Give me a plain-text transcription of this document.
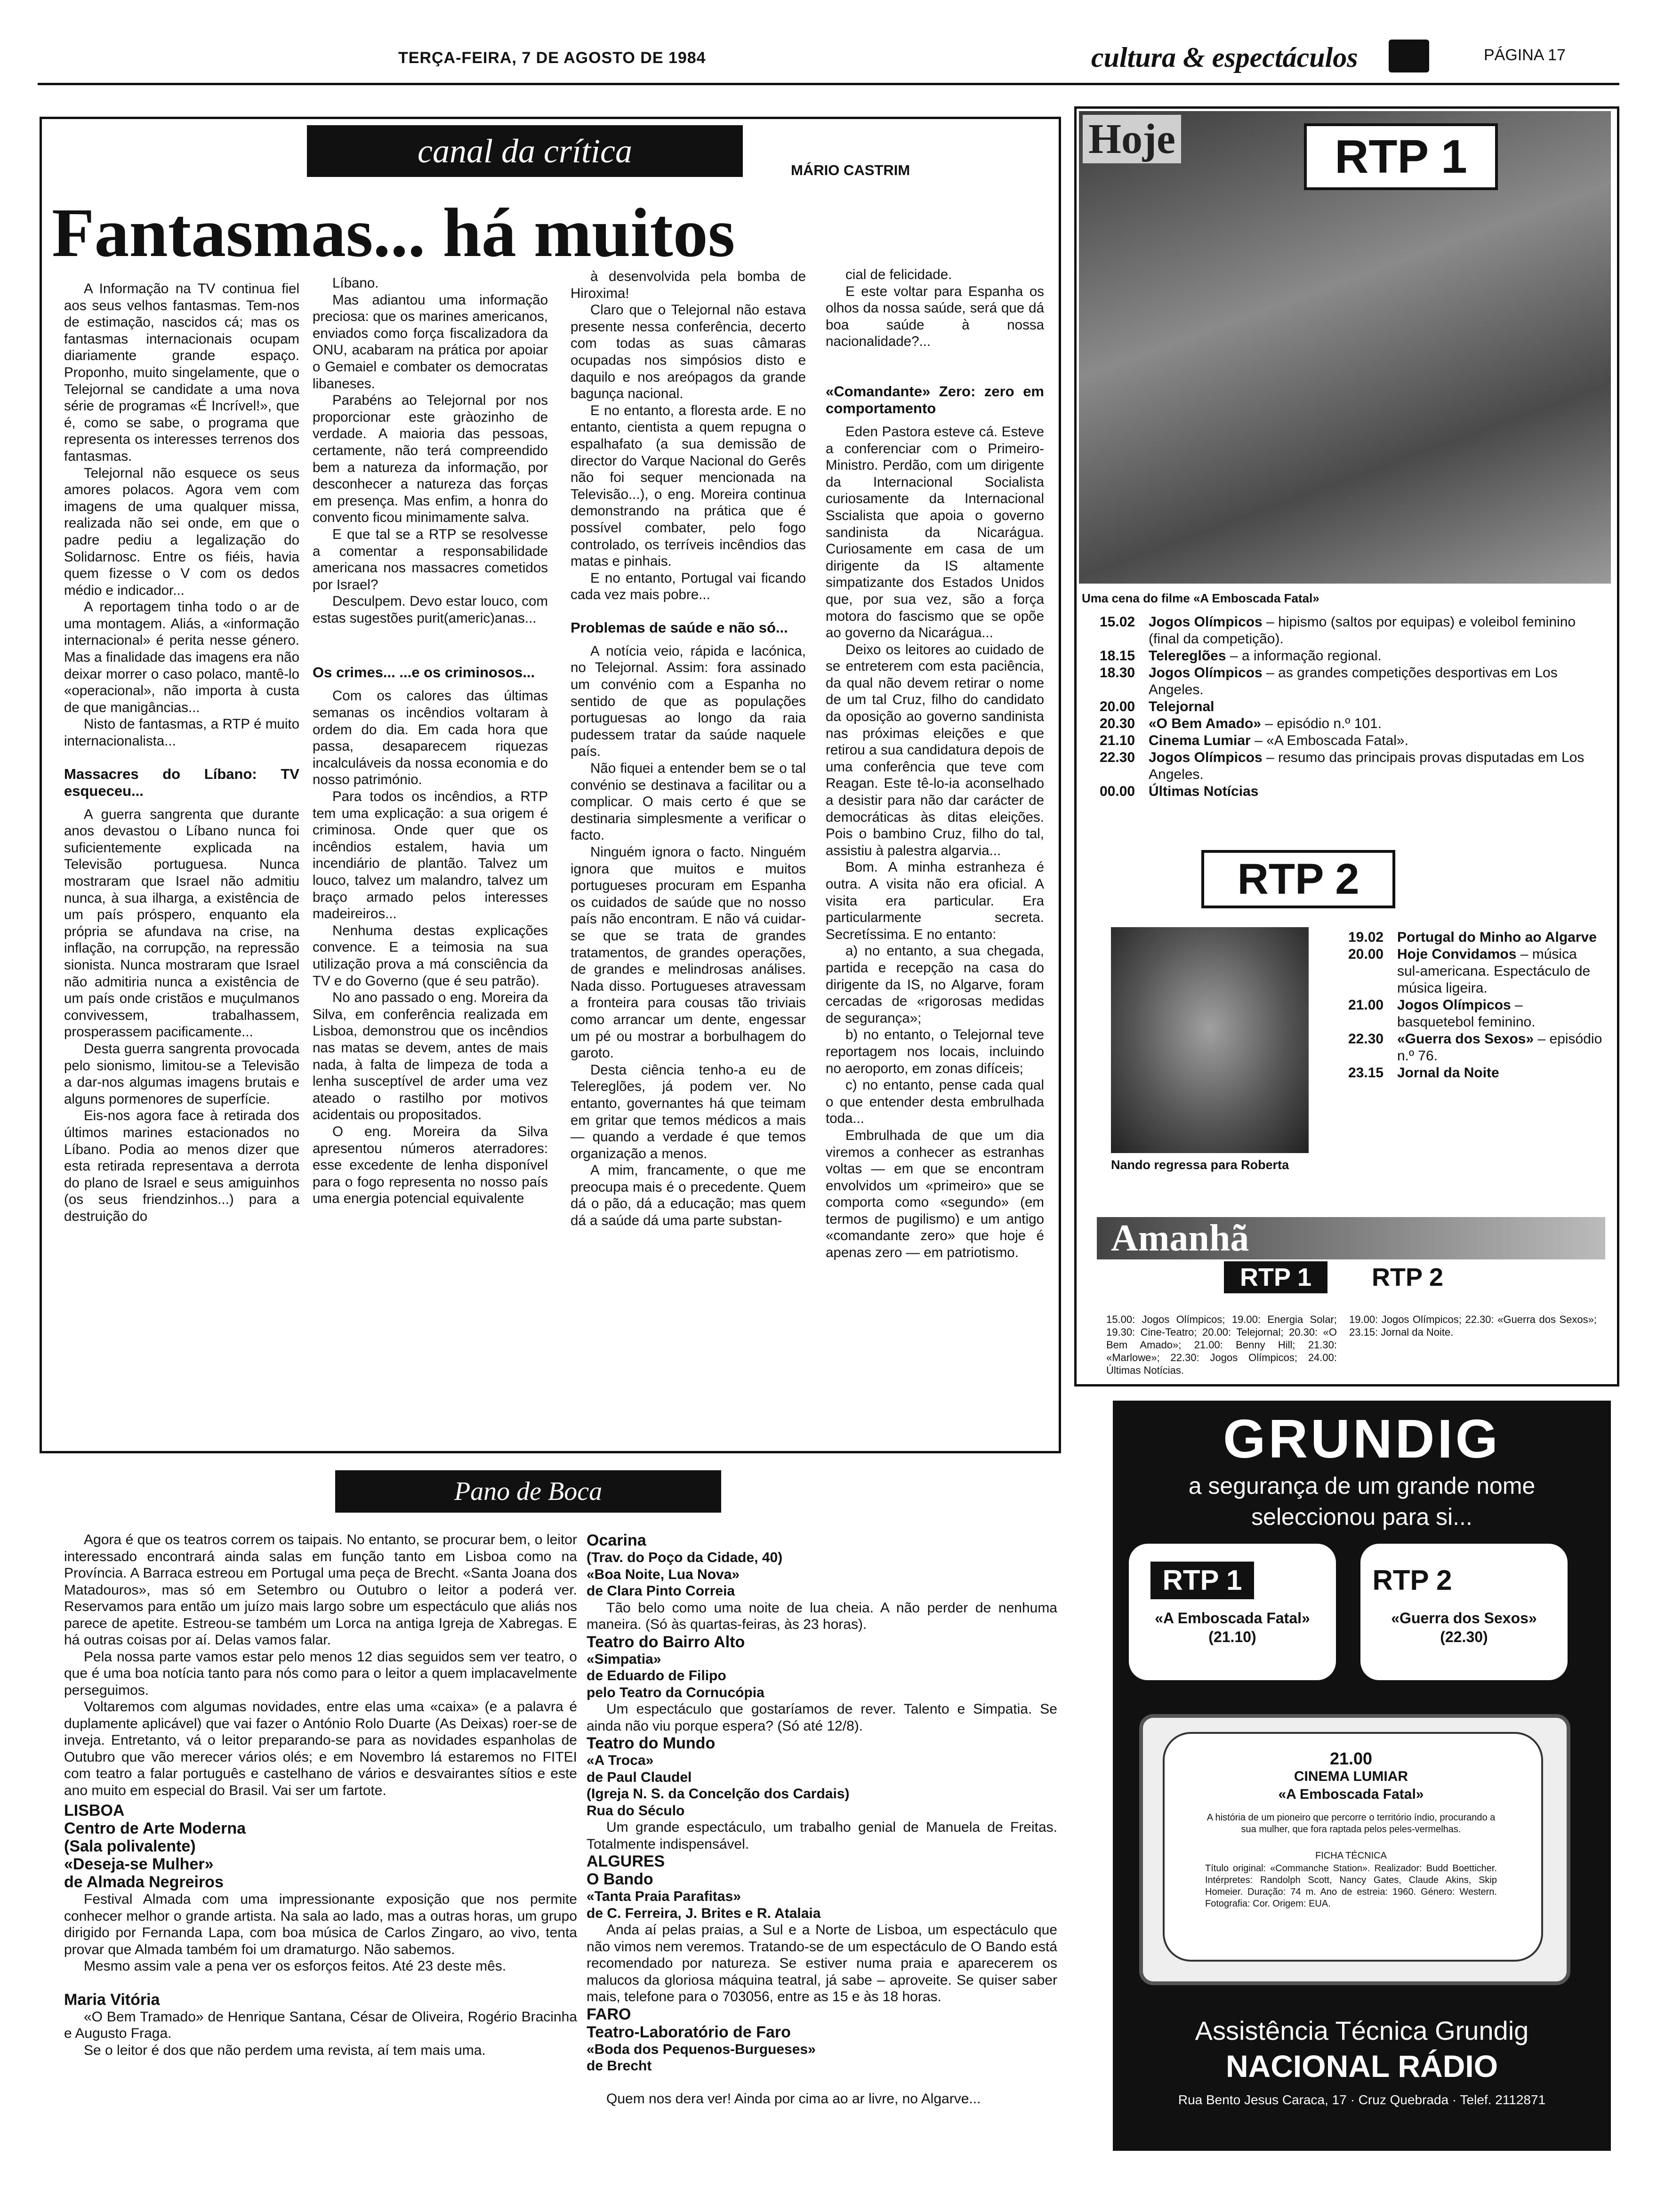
TERÇA-FEIRA, 7 DE AGOSTO DE 1984	cultura & espectáculos	PÁGINA 17
canal da crítica
MÁRIO CASTRIM
Fantasmas... há muitos

A Informação na TV continua fiel aos seus velhos fantasmas. Tem-nos de estimação, nascidos cá; mas os fantasmas internacionais ocupam diariamente grande espaço. Proponho, muito singelamente, que o Telejornal se candidate a uma nova série de programas «É Incrível!», que é, como se sabe, o programa que representa os interesses terrenos dos fantasmas.

Telejornal não esquece os seus amores polacos. Agora vem com imagens de uma qualquer missa, realizada não sei onde, em que o padre pediu a legalização do Solidarnosc. Entre os fiéis, havia quem fizesse o V com os dedos médio e indicador...

A reportagem tinha todo o ar de uma montagem. Aliás, a «informação internacional» é perita nesse género. Mas a finalidade das imagens era não deixar morrer o caso polaco, mantê-lo «operacional», não importa à custa de que manigâncias...

Nisto de fantasmas, a RTP é muito internacionalista...

Massacres do Líbano: TV esqueceu...

A guerra sangrenta que durante anos devastou o Líbano nunca foi suficientemente explicada na Televisão portuguesa. Nunca mostraram que Israel não admitiu nunca, à sua ilharga, a existência de um país próspero, enquanto ela própria se afundava na crise, na inflação, na corrupção, na repressão sionista. Nunca mostraram que Israel não admitiria nunca a existência de um país onde cristãos e muçulmanos convivessem, trabalhassem, prosperassem pacificamente...

Desta guerra sangrenta provocada pelo sionismo, limitou-se a Televisão a dar-nos algumas imagens brutais e alguns pormenores de superfície.

Eis-nos agora face à retirada dos últimos marines estacionados no Líbano. Podia ao menos dizer que esta retirada representava a derrota do plano de Israel e seus amiguinhos (os seus friendzinhos...) para a destruição do

Líbano.

Mas adiantou uma informação preciosa: que os marines americanos, enviados como força fiscalizadora da ONU, acabaram na prática por apoiar o Gemaiel e combater os democratas libaneses.

Parabéns ao Telejornal por nos proporcionar este gràozinho de verdade. A maioria das pessoas, certamente, não terá compreendido bem a natureza da informação, por desconhecer a natureza das forças em presença. Mas enfim, a honra do convento ficou minimamente salva.

E que tal se a RTP se resolvesse a comentar a responsabilidade americana nos massacres cometidos por Israel?

Desculpem. Devo estar louco, com estas sugestões purit(americ)anas...

Os crimes... ...e os criminosos...

Com os calores das últimas semanas os incêndios voltaram à ordem do dia. Em cada hora que passa, desaparecem riquezas incalculáveis da nossa economia e do nosso património.

Para todos os incêndios, a RTP tem uma explicação: a sua origem é criminosa. Onde quer que os incêndios estalem, havia um incendiário de plantão. Talvez um louco, talvez um malandro, talvez um braço armado pelos interesses madeireiros...

Nenhuma destas explicações convence. E a teimosia na sua utilização prova a má consciência da TV e do Governo (que é seu patrão).

No ano passado o eng. Moreira da Silva, em conferência realizada em Lisboa, demonstrou que os incêndios nas matas se devem, antes de mais nada, à falta de limpeza de toda a lenha susceptível de arder uma vez ateado o rastilho por motivos acidentais ou propositados.

O eng. Moreira da Silva apresentou números aterradores: esse excedente de lenha disponível para o fogo representa no nosso país uma energia potencial equivalente

à desenvolvida pela bomba de Hiroxima!

Claro que o Telejornal não estava presente nessa conferência, decerto com todas as suas câmaras ocupadas nos simpósios disto e daquilo e nos areópagos da grande bagunça nacional.

E no entanto, a floresta arde. E no entanto, cientista a quem repugna o espalhafato (a sua demissão de director do Varque Nacional do Gerês não foi sequer mencionada na Televisão...), o eng. Moreira continua demonstrando na prática que é possível combater, pelo fogo controlado, os terríveis incêndios das matas e pinhais.

E no entanto, Portugal vai ficando cada vez mais pobre...

Problemas de saúde e não só...

A notícia veio, rápida e lacónica, no Telejornal. Assim: fora assinado um convénio com a Espanha no sentido de que as populações portuguesas ao longo da raia pudessem tratar da saúde naquele país.

Não fiquei a entender bem se o tal convénio se destinava a facilitar ou a complicar. O mais certo é que se destinaria simplesmente a verificar o facto.

Ninguém ignora o facto. Ninguém ignora que muitos e muitos portugueses procuram em Espanha os cuidados de saúde que no nosso país não encontram. E não vá cuidar-se que se trata de grandes tratamentos, de grandes operações, de grandes e melindrosas análises. Nada disso. Portugueses atravessam a fronteira para cousas tão triviais como arrancar um dente, engessar um pé ou mostrar a borbulhagem do garoto.

Desta ciência tenho-a eu de Telereglões, já podem ver. No entanto, governantes há que teimam em gritar que temos médicos a mais — quando a verdade é que temos organização a menos.

A mim, francamente, o que me preocupa mais é o precedente. Quem dá o pão, dá a educação; mas quem dá a saúde dá uma parte substan-

cial de felicidade.

E este voltar para Espanha os olhos da nossa saúde, será que dá boa saúde à nossa nacionalidade?...

«Comandante» Zero: zero em comportamento

Eden Pastora esteve cá. Esteve a conferenciar com o Primeiro-Ministro. Perdão, com um dirigente da Internacional Socialista curiosamente da Internacional Sscialista que apoia o governo sandinista da Nicarágua. Curiosamente em casa de um dirigente da IS altamente simpatizante dos Estados Unidos que, por sua vez, são a força motora do fascismo que se opõe ao governo da Nicarágua...

Deixo os leitores ao cuidado de se entreterem com esta paciência, da qual não devem retirar o nome de um tal Cruz, filho do candidato da oposição ao governo sandinista nas próximas eleições e que retirou a sua candidatura depois de uma conferência que teve com Reagan. Este tê-lo-ia aconselhado a desistir para não dar carácter de democráticas às ditas eleições. Pois o bambino Cruz, filho do tal, assistiu à palestra algarvia...

Bom. A minha estranheza é outra. A visita não era oficial. A visita era particular. Era particularmente secreta. Secretíssima. E no entanto:

a) no entanto, a sua chegada, partida e recepção na casa do dirigente da IS, no Algarve, foram cercadas de «rigorosas medidas de segurança»;

b) no entanto, o Telejornal teve reportagem nos locais, incluindo no aeroporto, em zonas difíceis;

c) no entanto, pense cada qual o que entender desta embrulhada toda...

Embrulhada de que um dia viremos a conhecer as estranhas voltas — em que se encontram envolvidos um «primeiro» que se comporta como «segundo» (em termos de pugilismo) e um antigo «comandante zero» que hoje é apenas zero — em patriotismo.

Hoje	RTP 1
Uma cena do filme «A Emboscada Fatal»
15.02 Jogos Olímpicos – hipismo (saltos por equipas) e voleibol feminino (final da competição).
18.15 Telereglões – a informação regional.
18.30 Jogos Olímpicos – as grandes competições desportivas em Los Angeles.
20.00 Telejornal
20.30 «O Bem Amado» – episódio n.º 101.
21.10 Cinema Lumiar – «A Emboscada Fatal».
22.30 Jogos Olímpicos – resumo das principais provas disputadas em Los Angeles.
00.00 Últimas Notícias
RTP 2
Nando regressa para Roberta
19.02 Portugal do Minho ao Algarve
20.00 Hoje Convidamos – música sul-americana. Espectáculo de música ligeira.
21.00 Jogos Olímpicos – basquetebol feminino.
22.30 «Guerra dos Sexos» – episódio n.º 76.
23.15 Jornal da Noite
Amanhã
RTP 1	RTP 2
15.00: Jogos Olímpicos; 19.00: Energia Solar; 19.30: Cine-Teatro; 20.00: Telejornal; 20.30: «O Bem Amado»; 21.00: Benny Hill; 21.30: «Marlowe»; 22.30: Jogos Olímpicos; 24.00: Últimas Notícias.
19.00: Jogos Olímpicos; 22.30: «Guerra dos Sexos»; 23.15: Jornal da Noite.
GRUNDIG
a segurança de um grande nome
seleccionou para si...
RTP 1
«A Emboscada Fatal»
(21.10)
RTP 2
«Guerra dos Sexos»
(22.30)
21.00
CINEMA LUMIAR
«A Emboscada Fatal»
A história de um pioneiro que percorre o território índio, procurando a sua mulher, que fora raptada pelos peles-vermelhas.
FICHA TÉCNICA
Título original: «Commanche Station». Realizador: Budd Boetticher. Intérpretes: Randolph Scott, Nancy Gates, Claude Akins, Skip Homeier. Duração: 74 m. Ano de estreia: 1960. Género: Western. Fotografia: Cor. Origem: EUA.
Assistência Técnica Grundig
NACIONAL RÁDIO
Rua Bento Jesus Caraca, 17 · Cruz Quebrada · Telef. 2112871
Pano de Boca

Agora é que os teatros correm os taipais. No entanto, se procurar bem, o leitor interessado encontrará ainda salas em função tanto em Lisboa como na Província. A Barraca estreou em Portugal uma peça de Brecht. «Santa Joana dos Matadouros», mas só em Setembro ou Outubro o leitor a poderá ver. Reservamos para então um juízo mais largo sobre um espectáculo que aliás nos parece de apetite. Estreou-se também um Lorca na antiga Igreja de Xabregas. E há outras coisas por aí. Delas vamos falar.

Pela nossa parte vamos estar pelo menos 12 dias seguidos sem ver teatro, o que é uma boa notícia tanto para nós como para o leitor a quem implacavelmente perseguimos.

Voltaremos com algumas novidades, entre elas uma «caixa» (e a palavra é duplamente aplicável) que vai fazer o António Rolo Duarte (As Deixas) roer-se de inveja. Entretanto, vá o leitor preparando-se para as novidades espanholas de Outubro que vão merecer vários olés; e em Novembro lá estaremos no FITEI com teatro a falar português e castelhano de vários e desvairantes sítios e este ano muito em especial do Brasil. Vai ser um fartote.

LISBOA
Centro de Arte Moderna
(Sala polivalente)
«Deseja-se Mulher»
de Almada Negreiros

Festival Almada com uma impressionante exposição que nos permite conhecer melhor o grande artista. Na sala ao lado, mas a outras horas, um grupo dirigido por Fernanda Lapa, com boa música de Carlos Zingaro, ao vivo, tenta provar que Almada também foi um dramaturgo. Não sabemos.

Mesmo assim vale a pena ver os esforços feitos. Até 23 deste mês.

Maria Vitória

«O Bem Tramado» de Henrique Santana, César de Oliveira, Rogério Bracinha e Augusto Fraga.

Se o leitor é dos que não perdem uma revista, aí tem mais uma.

Ocarina
(Trav. do Poço da Cidade, 40)
«Boa Noite, Lua Nova»
de Clara Pinto Correia

Tão belo como uma noite de lua cheia. A não perder de nenhuma maneira. (Só às quartas-feiras, às 23 horas).

Teatro do Bairro Alto
«Simpatia»
de Eduardo de Filipo
pelo Teatro da Cornucópia

Um espectáculo que gostaríamos de rever. Talento e Simpatia. Se ainda não viu porque espera? (Só até 12/8).

Teatro do Mundo
«A Troca»
de Paul Claudel
(Igreja N. S. da Concelção dos Cardais)
Rua do Século

Um grande espectáculo, um trabalho genial de Manuela de Freitas. Totalmente indispensável.

ALGURES
O Bando
«Tanta Praia Parafitas»
de C. Ferreira, J. Brites e R. Atalaia

Anda aí pelas praias, a Sul e a Norte de Lisboa, um espectáculo que não vimos nem veremos. Tratando-se de um espectáculo de O Bando está recomendado por natureza. Se estiver numa praia e aparecerem os malucos da gloriosa máquina teatral, já sabe – aproveite. Se quiser saber mais, telefone para o 703056, entre as 15 e às 18 horas.

FARO
Teatro-Laboratório de Faro
«Boda dos Pequenos-Burgueses»
de Brecht

Quem nos dera ver! Ainda por cima ao ar livre, no Algarve...
